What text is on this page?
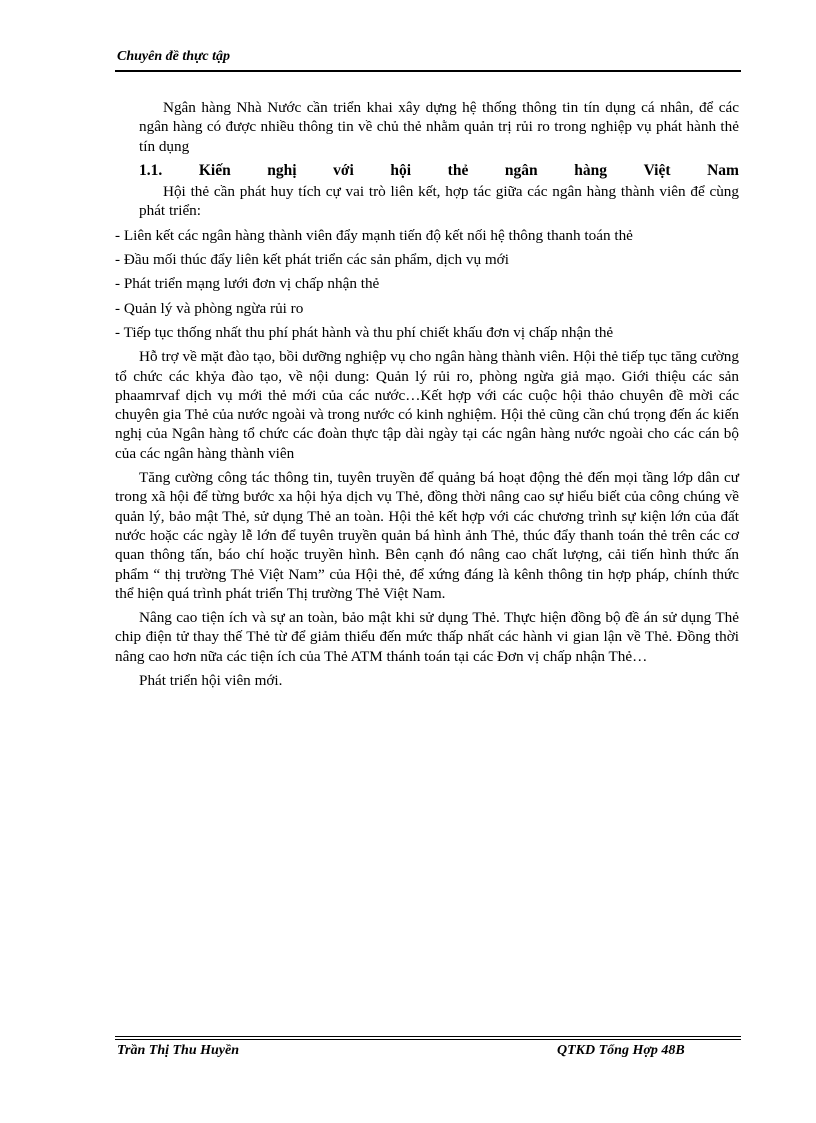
Chuyên đề thực tập

Ngân hàng Nhà Nước cần triển khai xây dựng hệ thống thông tin tín dụng cá nhân, để các ngân hàng có được nhiều thông tin về chủ thẻ nhằm quản trị rủi ro trong nghiệp vụ phát hành thẻ tín dụng

1.1. Kiến nghị với hội thẻ ngân hàng Việt Nam

Hội thẻ cần phát huy tích cự vai trò liên kết, hợp tác giữa các ngân hàng thành viên để cùng phát triển:

- Liên kết các ngân hàng thành viên đẩy mạnh tiến độ kết nối hệ thông thanh toán thẻ

- Đầu mối thúc đẩy liên kết phát triển các sản phẩm, dịch vụ mới

- Phát triển mạng lưới đơn vị chấp nhận thẻ

- Quản lý và phòng ngừa rủi ro

- Tiếp tục thống nhất thu phí phát hành và thu phí chiết khấu đơn vị chấp nhận thẻ

Hỗ trợ về mặt đào tạo, bồi dưỡng nghiệp vụ cho ngân hàng thành viên. Hội thẻ tiếp tục tăng cường tổ chức các khỷa đào tạo, về nội dung: Quản lý rủi ro, phòng ngừa giả mạo. Giới thiệu các sản phaamrvaf dịch vụ mới thẻ mới của các nước…Kết hợp với các cuộc hội thảo chuyên đề mời các chuyên gia Thẻ của nước ngoài và trong nước có kinh nghiệm. Hội thẻ cũng cần chú trọng đến ác kiến nghị của Ngân hàng tổ chức các đoàn thực tập dài ngày tại các ngân hàng nước ngoài cho các cán bộ của các ngân hàng thành viên

Tăng cường công tác thông tin, tuyên truyền để quảng bá hoạt động thẻ đến mọi tầng lớp dân cư trong xã hội để từng bước xa hội hỷa dịch vụ Thẻ, đồng thời nâng cao sự hiểu biết của công chúng về quản lý, bảo mật Thẻ, sử dụng Thẻ an toàn. Hội thẻ kết hợp với các chương trình sự kiện lớn của đất nước hoặc các ngày lễ lớn để tuyên truyền quản bá hình ảnh Thẻ, thúc đẩy thanh toán thẻ trên các cơ quan thông tấn, báo chí hoặc truyền hình. Bên cạnh đó nâng cao chất lượng, cải tiến hình thức ấn phẩm “ thị trường Thẻ Việt Nam” của Hội thẻ, để xứng đáng là kênh thông tin hợp pháp, chính thức thể hiện quá trình phát triển Thị trường Thẻ Việt Nam.

Nâng cao tiện ích và sự an toàn, bảo mật khi sử dụng Thẻ. Thực hiện đồng bộ đề án sử dụng Thẻ chip điện tử thay thế Thẻ từ để giảm thiểu đến mức thấp nhất các hành vi gian lận về Thẻ. Đồng thời nâng cao hơn nữa các tiện ích của Thẻ ATM thánh toán tại các Đơn vị chấp nhận Thẻ…

Phát triển hội viên mới.

Trần Thị Thu Huyền	QTKD Tổng Hợp 48B
